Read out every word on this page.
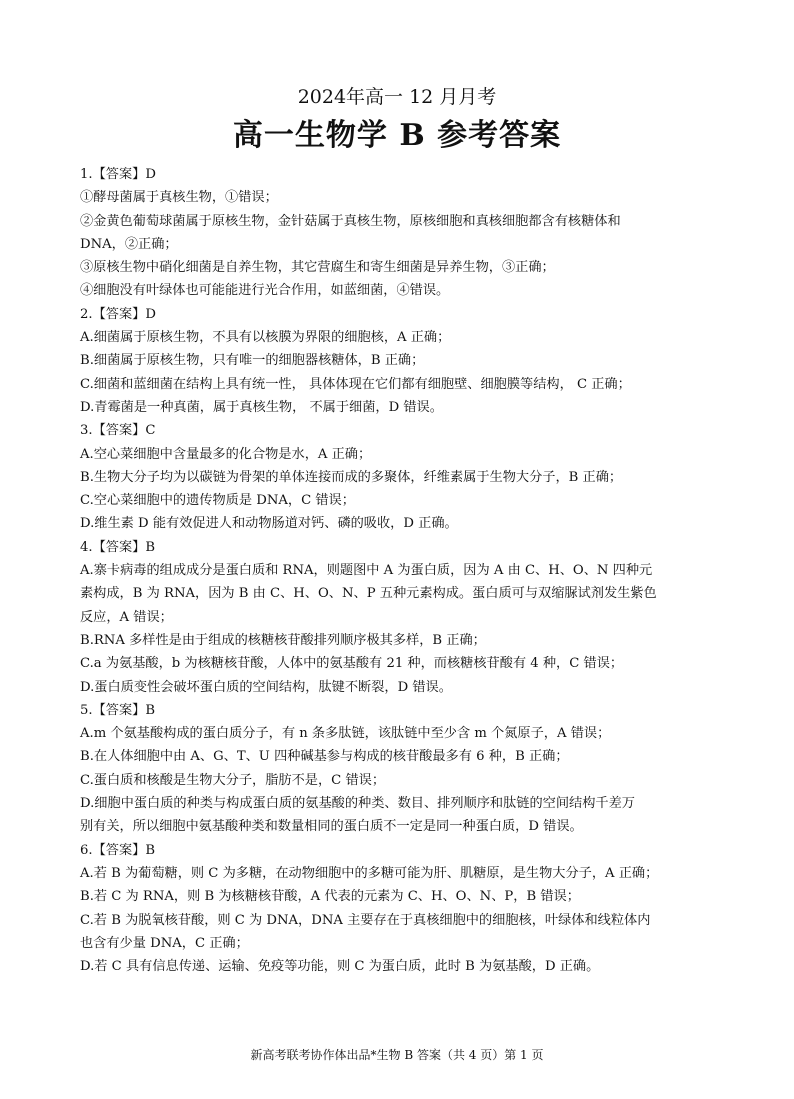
2024年高一 12 月月考
高一生物学 B 参考答案
1.【答案】D
①酵母菌属于真核生物，①错误；
②金黄色葡萄球菌属于原核生物，金针菇属于真核生物，原核细胞和真核细胞都含有核糖体和
DNA，②正确；
③原核生物中硝化细菌是自养生物，其它营腐生和寄生细菌是异养生物，③正确；
④细胞没有叶绿体也可能能进行光合作用，如蓝细菌，④错误。
2.【答案】D
A.细菌属于原核生物，不具有以核膜为界限的细胞核，A 正确；
B.细菌属于原核生物，只有唯一的细胞器核糖体，B 正确；
C.细菌和蓝细菌在结构上具有统一性， 具体体现在它们都有细胞壁、细胞膜等结构， C 正确；
D.青霉菌是一种真菌，属于真核生物， 不属于细菌，D 错误。
3.【答案】C
A.空心菜细胞中含量最多的化合物是水，A 正确；
B.生物大分子均为以碳链为骨架的单体连接而成的多聚体，纤维素属于生物大分子，B 正确；
C.空心菜细胞中的遗传物质是 DNA，C 错误；
D.维生素 D 能有效促进人和动物肠道对钙、磷的吸收，D 正确。
4.【答案】B
A.寨卡病毒的组成成分是蛋白质和 RNA，则题图中 A 为蛋白质，因为 A 由 C、H、O、N 四种元
素构成，B 为 RNA，因为 B 由 C、H、O、N、P 五种元素构成。蛋白质可与双缩脲试剂发生紫色
反应，A 错误；
B.RNA 多样性是由于组成的核糖核苷酸排列顺序极其多样，B 正确；
C.a 为氨基酸，b 为核糖核苷酸，人体中的氨基酸有 21 种，而核糖核苷酸有 4 种，C 错误；
D.蛋白质变性会破坏蛋白质的空间结构，肽键不断裂，D 错误。
5.【答案】B
A.m 个氨基酸构成的蛋白质分子，有 n 条多肽链，该肽链中至少含 m 个氮原子，A 错误；
B.在人体细胞中由 A、G、T、U 四种碱基参与构成的核苷酸最多有 6 种，B 正确；
C.蛋白质和核酸是生物大分子，脂肪不是，C 错误；
D.细胞中蛋白质的种类与构成蛋白质的氨基酸的种类、数目、排列顺序和肽链的空间结构千差万
别有关，所以细胞中氨基酸种类和数量相同的蛋白质不一定是同一种蛋白质，D 错误。
6.【答案】B
A.若 B 为葡萄糖，则 C 为多糖，在动物细胞中的多糖可能为肝、肌糖原，是生物大分子，A 正确；
B.若 C 为 RNA，则 B 为核糖核苷酸，A 代表的元素为 C、H、O、N、P，B 错误；
C.若 B 为脱氧核苷酸，则 C 为 DNA，DNA 主要存在于真核细胞中的细胞核，叶绿体和线粒体内
也含有少量 DNA，C 正确；
D.若 C 具有信息传递、运输、免疫等功能，则 C 为蛋白质，此时 B 为氨基酸，D 正确。
新高考联考协作体出品*生物 B 答案（共 4 页）第 1 页
